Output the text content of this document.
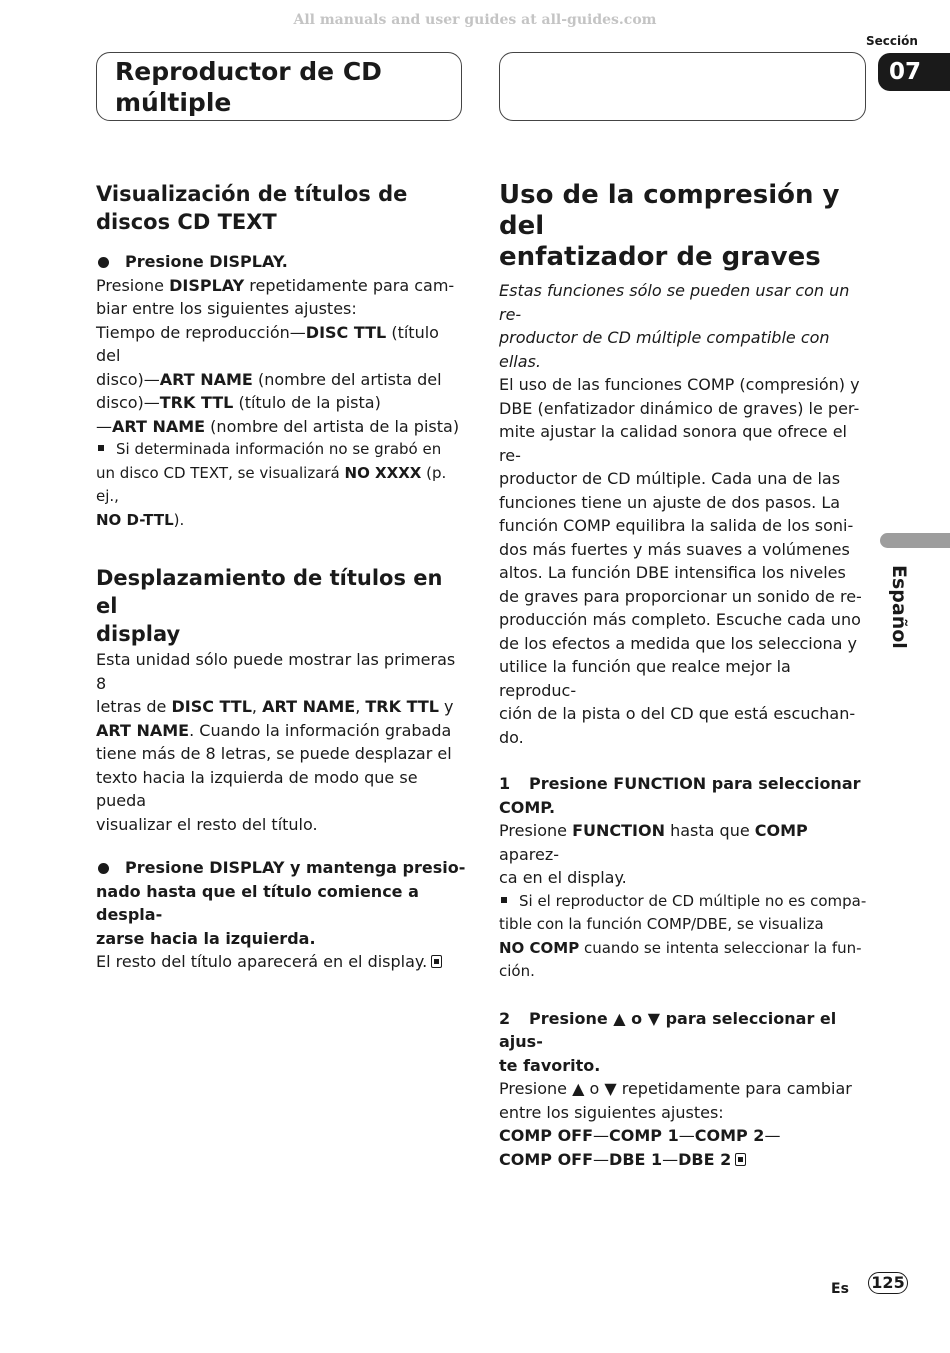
All manuals and user guides at all-guides.com
Sección
07
Reproductor de CD
múltiple
Visualización de títulos de
discos CD TEXT

Presione DISPLAY.

Presione DISPLAY repetidamente para cam-

biar entre los siguientes ajustes:

Tiempo de reproducción—DISC TTL (título del

disco)—ART NAME (nombre del artista del

disco)—TRK TTL (título de la pista)

—ART NAME (nombre del artista de la pista)

Si determinada información no se grabó en

un disco CD TEXT, se visualizará NO XXXX (p. ej.,

NO D-TTL).

Desplazamiento de títulos en el
display

Esta unidad sólo puede mostrar las primeras 8

letras de DISC TTL, ART NAME, TRK TTL y

ART NAME. Cuando la información grabada

tiene más de 8 letras, se puede desplazar el

texto hacia la izquierda de modo que se pueda

visualizar el resto del título.

Presione DISPLAY y mantenga presio-

nado hasta que el título comience a despla-

zarse hacia la izquierda.

El resto del título aparecerá en el display.

Uso de la compresión y del
enfatizador de graves

Estas funciones sólo se pueden usar con un re-

productor de CD múltiple compatible con ellas.

El uso de las funciones COMP (compresión) y

DBE (enfatizador dinámico de graves) le per-

mite ajustar la calidad sonora que ofrece el re-

productor de CD múltiple. Cada una de las

funciones tiene un ajuste de dos pasos. La

función COMP equilibra la salida de los soni-

dos más fuertes y más suaves a volúmenes

altos. La función DBE intensifica los niveles

de graves para proporcionar un sonido de re-

producción más completo. Escuche cada uno

de los efectos a medida que los selecciona y

utilice la función que realce mejor la reproduc-

ción de la pista o del CD que está escuchan-

do.

1 Presione FUNCTION para seleccionar

COMP.

Presione FUNCTION hasta que COMP aparez-

ca en el display.

Si el reproductor de CD múltiple no es compa-

tible con la función COMP/DBE, se visualiza

NO COMP cuando se intenta seleccionar la fun-

ción.

2 Presione ▲ o ▼ para seleccionar el ajus-

te favorito.

Presione ▲ o ▼ repetidamente para cambiar

entre los siguientes ajustes:

COMP OFF—COMP 1—COMP 2—

COMP OFF—DBE 1—DBE 2

Español
Es 125
